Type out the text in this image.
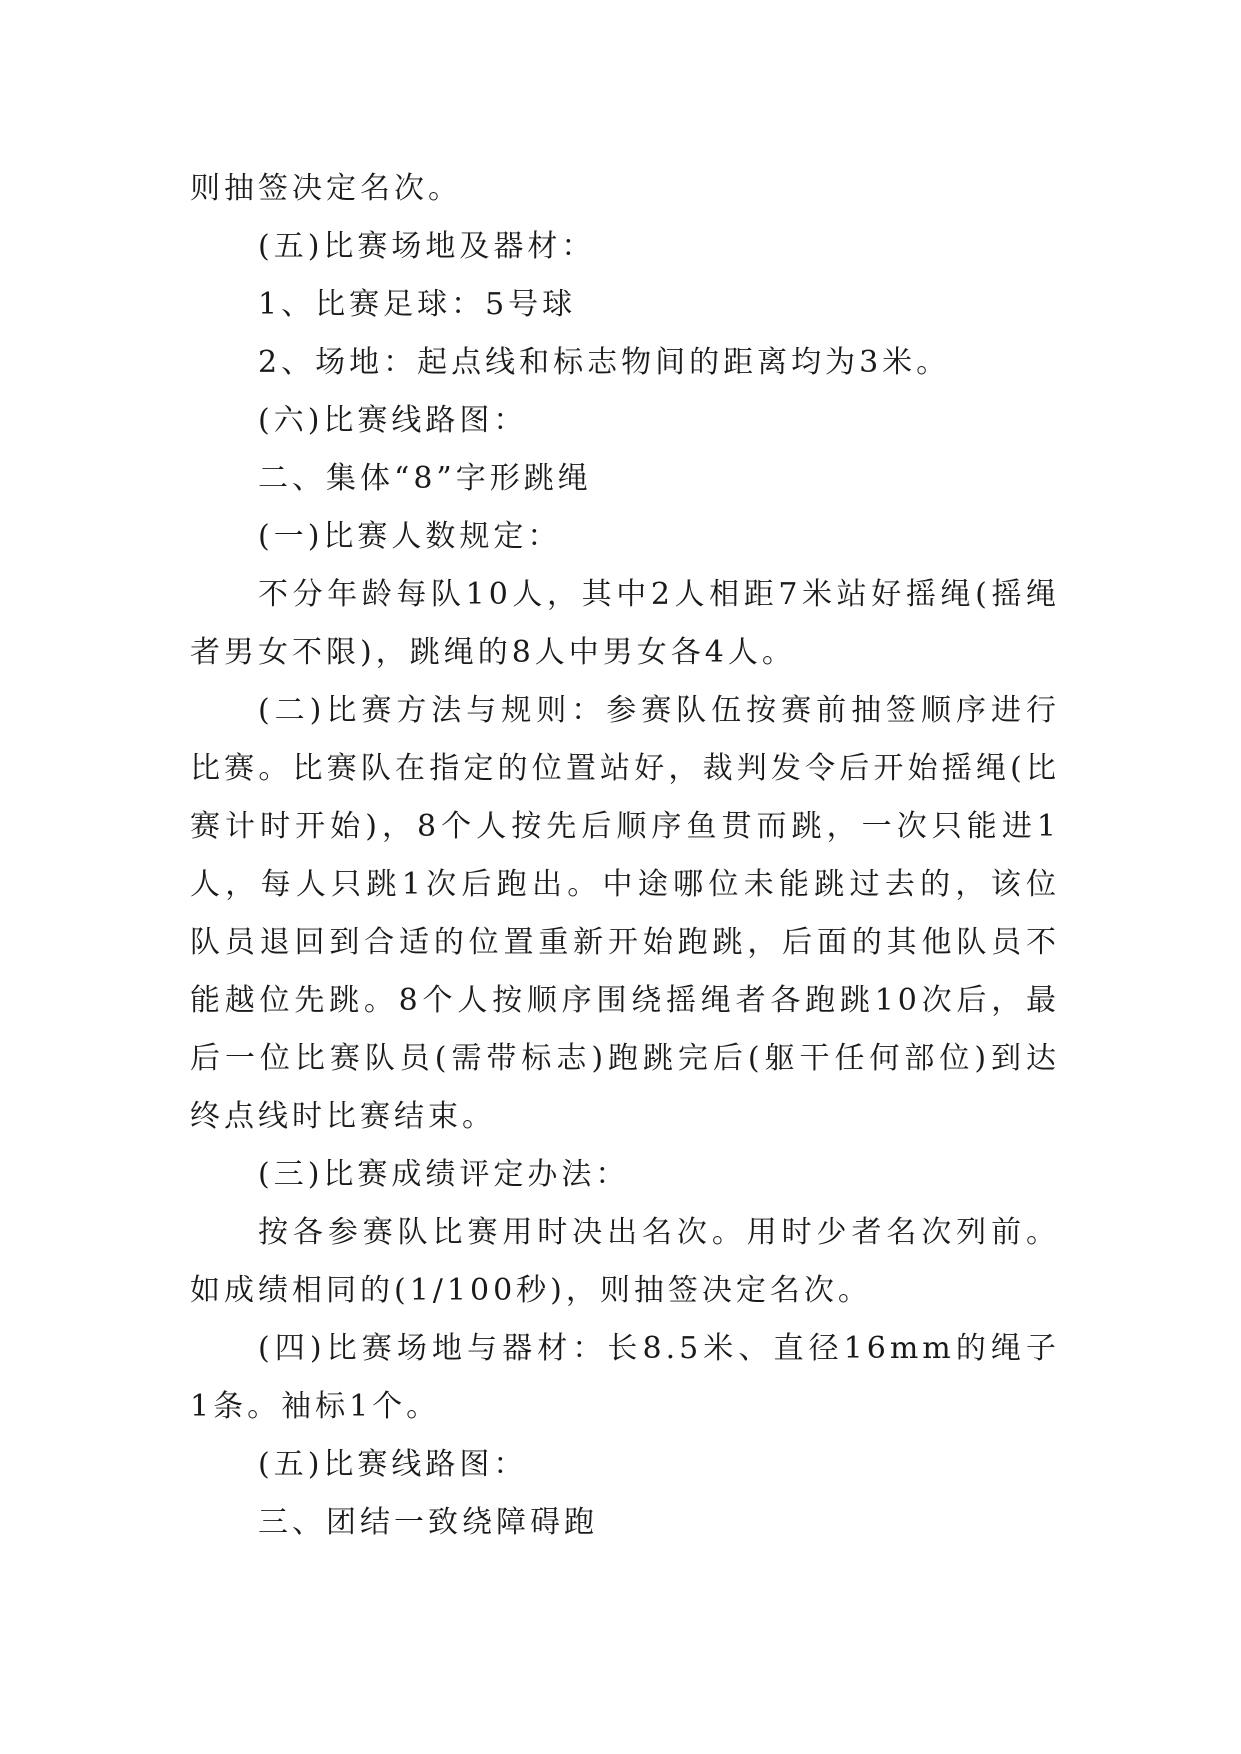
则抽签决定名次。

(五)比赛场地及器材：

1、比赛足球：5号球

2、场地：起点线和标志物间的距离均为3米。

(六)比赛线路图：

二、集体“8”字形跳绳

(一)比赛人数规定：

不分年龄每队10人，其中2人相距7米站好摇绳(摇绳者男女不限)，跳绳的8人中男女各4人。

(二)比赛方法与规则：参赛队伍按赛前抽签顺序进行比赛。比赛队在指定的位置站好，裁判发令后开始摇绳(比赛计时开始)，8个人按先后顺序鱼贯而跳，一次只能进1人，每人只跳1次后跑出。中途哪位未能跳过去的，该位队员退回到合适的位置重新开始跑跳，后面的其他队员不能越位先跳。8个人按顺序围绕摇绳者各跑跳10次后，最后一位比赛队员(需带标志)跑跳完后(躯干任何部位)到达终点线时比赛结束。

(三)比赛成绩评定办法：

按各参赛队比赛用时决出名次。用时少者名次列前。如成绩相同的(1/100秒)，则抽签决定名次。

(四)比赛场地与器材：长8.5米、直径16mm的绳子1条。袖标1个。

(五)比赛线路图：

三、团结一致绕障碍跑
